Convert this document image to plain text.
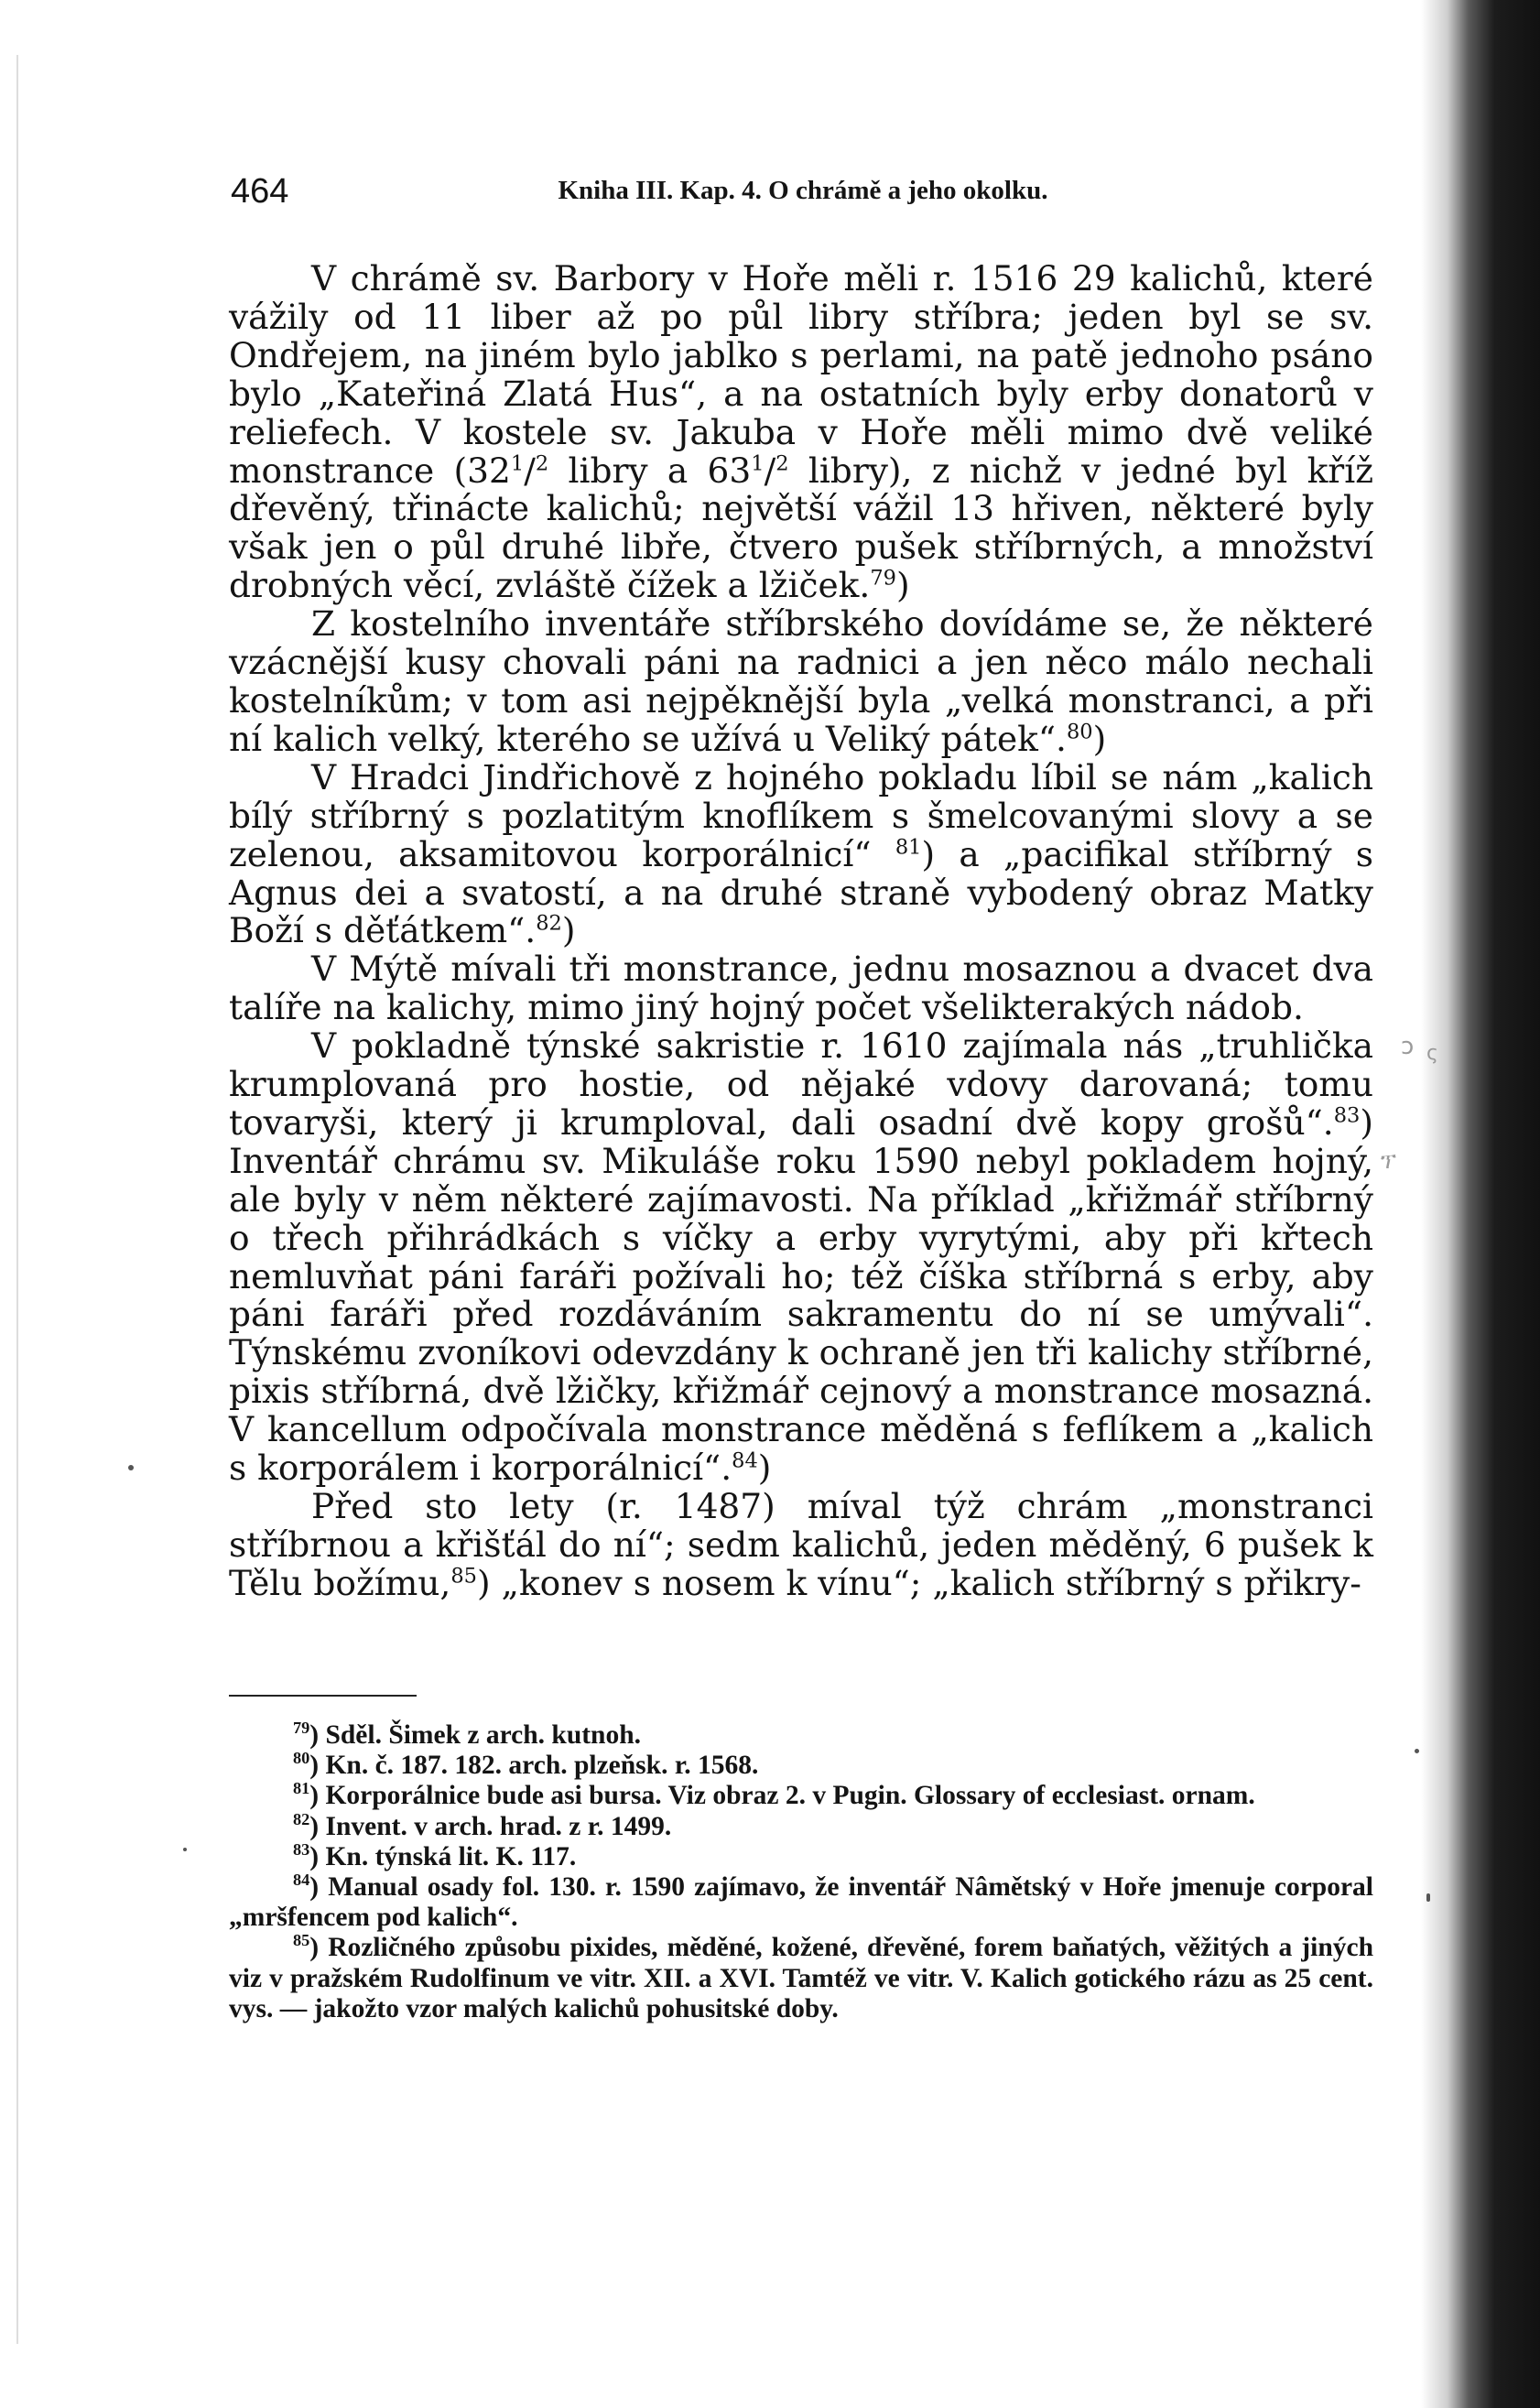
464	Kniha III. Kap. 4. O chrámě a jeho okolku.

V chrámě sv. Barbory v Hoře měli r. 1516 29 kalichů, které vážily od 11 liber až po půl libry stříbra; jeden byl se sv. Ondřejem, na jiném bylo jablko s perlami, na patě jednoho psáno bylo „Kateřiná Zlatá Hus“, a na ostatních byly erby donatorů v reliefech. V kostele sv. Jakuba v Hoře měli mimo dvě veliké monstrance ($32^1/^2$ libry a $63^1/^2$ libry), z nichž v jedné byl kříž dřevěný, třinácte kalichů; největší vážil 13 hřiven, některé byly však jen o půl druhé libře, čtvero pušek stříbrných, a množství drobných věcí, zvláště čížek a lžiček.$^{79}$)

Z kostelního inventáře stříbrského dovídáme se, že některé vzácnější kusy chovali páni na radnici a jen něco málo nechali kostelníkům; v tom asi nejpěknější byla „velká monstranci, a při ní kalich velký, kterého se užívá u Veliký pátek“.$^{80}$)

V Hradci Jindřichově z hojného pokladu líbil se nám „kalich bílý stříbrný s pozlatitým knoflíkem s šmelcovanými slovy a se zelenou, aksamitovou korporálnicí“ $^{81}$) a „pacifikal stříbrný s Agnus dei a svatostí, a na druhé straně vybodený obraz Matky Boží s děťátkem“.$^{82}$)

V Mýtě mívali tři monstrance, jednu mosaznou a dvacet dva talíře na kalichy, mimo jiný hojný počet všelikterakých nádob.

V pokladně týnské sakristie r. 1610 zajímala nás „truhlička krumplovaná pro hostie, od nějaké vdovy darovaná; tomu tovaryši, který ji krumploval, dali osadní dvě kopy grošů“.$^{83}$) Inventář chrámu sv. Mikuláše roku 1590 nebyl pokladem hojný, ale byly v něm některé zajímavosti. Na příklad „křižmář stříbrný o třech přihrádkách s víčky a erby vyrytými, aby při křtech nemluvňat páni faráři požívali ho; též číška stříbrná s erby, aby páni faráři před rozdáváním sakramentu do ní se umývali“. Týnskému zvoníkovi odevzdány k ochraně jen tři kalichy stříbrné, pixis stříbrná, dvě lžičky, křižmář cejnový a monstrance mosazná. V kancellum odpočívala monstrance měděná s feflíkem a „kalich s korporálem i korporálnicí“.$^{84}$)

Před sto lety (r. 1487) míval týž chrám „monstranci stříbrnou a křišťál do ní“; sedm kalichů, jeden měděný, 6 pušek k Tělu božímu,$^{85}$) „konev s nosem k vínu“; „kalich stříbrný s přikry-

$^{79}$) Sděl. Šimek z arch. kutnoh.

$^{80}$) Kn. č. 187. 182. arch. plzeňsk. r. 1568.

$^{81}$) Korporálnice bude asi bursa. Viz obraz 2. v Pugin. Glossary of ecclesiast. ornam.

$^{82}$) Invent. v arch. hrad. z r. 1499.

$^{83}$) Kn. týnská lit. K. 117.

$^{84}$) Manual osady fol. 130. r. 1590 zajímavo, že inventář Nâmětský v Hoře jmenuje corporal „mršfencem pod kalich“.

$^{85}$) Rozličného způsobu pixides, měděné, kožené, dřevěné, forem baňatých, věžitých a jiných viz v pražském Rudolfinum ve vitr. XII. a XVI. Tamtéž ve vitr. V. Kalich gotického rázu as 25 cent. vys. — jakožto vzor malých kalichů pohusitské doby.

ↄ ς
ፕ
